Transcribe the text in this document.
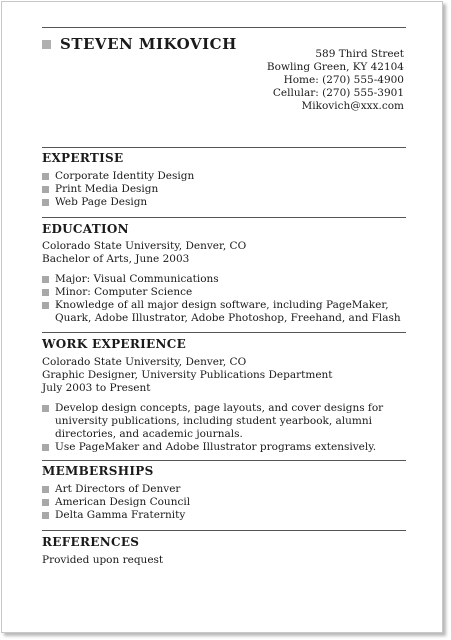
STEVEN MIKOVICH
589 Third Street
Bowling Green, KY 42104
Home: (270) 555-4900
Cellular: (270) 555-3901
Mikovich@xxx.com
EXPERTISE
Corporate Identity Design
Print Media Design
Web Page Design
EDUCATION
Colorado State University, Denver, CO
Bachelor of Arts, June 2003
Major: Visual Communications
Minor: Computer Science
Knowledge of all major design software, including PageMaker, Quark, Adobe Illustrator, Adobe Photoshop, Freehand, and Flash
WORK EXPERIENCE
Colorado State University, Denver, CO
Graphic Designer, University Publications Department
July 2003 to Present
Develop design concepts, page layouts, and cover designs for university publications, including student yearbook, alumni directories, and academic journals.
Use PageMaker and Adobe Illustrator programs extensively.
MEMBERSHIPS
Art Directors of Denver
American Design Council
Delta Gamma Fraternity
REFERENCES
Provided upon request
